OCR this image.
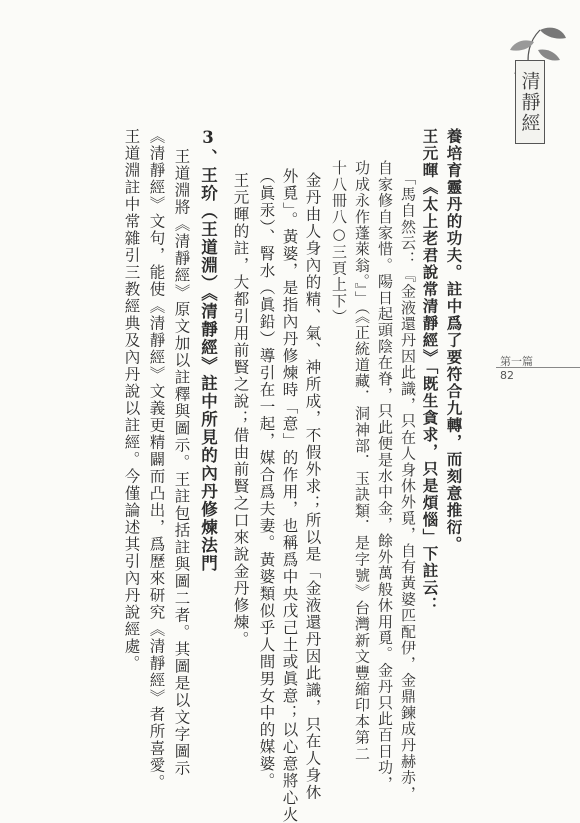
清靜經
第一篇
82
養培育靈丹的功夫。註中爲了要符合九轉，而刻意推衍。
王元暉《太上老君說常清靜經》「既生貪求，只是煩惱」下註云：
「馬自然云：『金液還丹因此識，只在人身休外覓，自有黃婆匹配伊，金鼎鍊成丹赫赤，
自家修自家惜。陽日起頭陰在脊，只此便是水中金，餘外萬般休用覓。金丹只此百日功，
功成永作蓬萊翁。』」（《正統道藏．洞神部．玉訣類．是字號》台灣新文豐縮印本第二
十八冊八○三頁上下）
金丹由人身內的精、氣、神所成，不假外求；所以是「金液還丹因此識，只在人身休
外覓」。黃婆，是指內丹修煉時「意」的作用，也稱爲中央戊己土或眞意；以心意將心火
（眞汞）、腎水（眞鉛）導引在一起，媒合爲夫妻。黃婆類似乎人間男女中的媒婆。
王元暉的註，大都引用前賢之說；借由前賢之口來說金丹修煉。
3、王玠（王道淵）《清靜經》註中所見的內丹修煉法門
王道淵將《清靜經》原文加以註釋與圖示。王註包括註與圖二者。其圖是以文字圖示
《清靜經》文句，能使《清靜經》文義更精闢而凸出，爲歷來研究《清靜經》者所喜愛。
王道淵註中常雜引三教經典及內丹說以註經。今僅論述其引內丹說經處。
